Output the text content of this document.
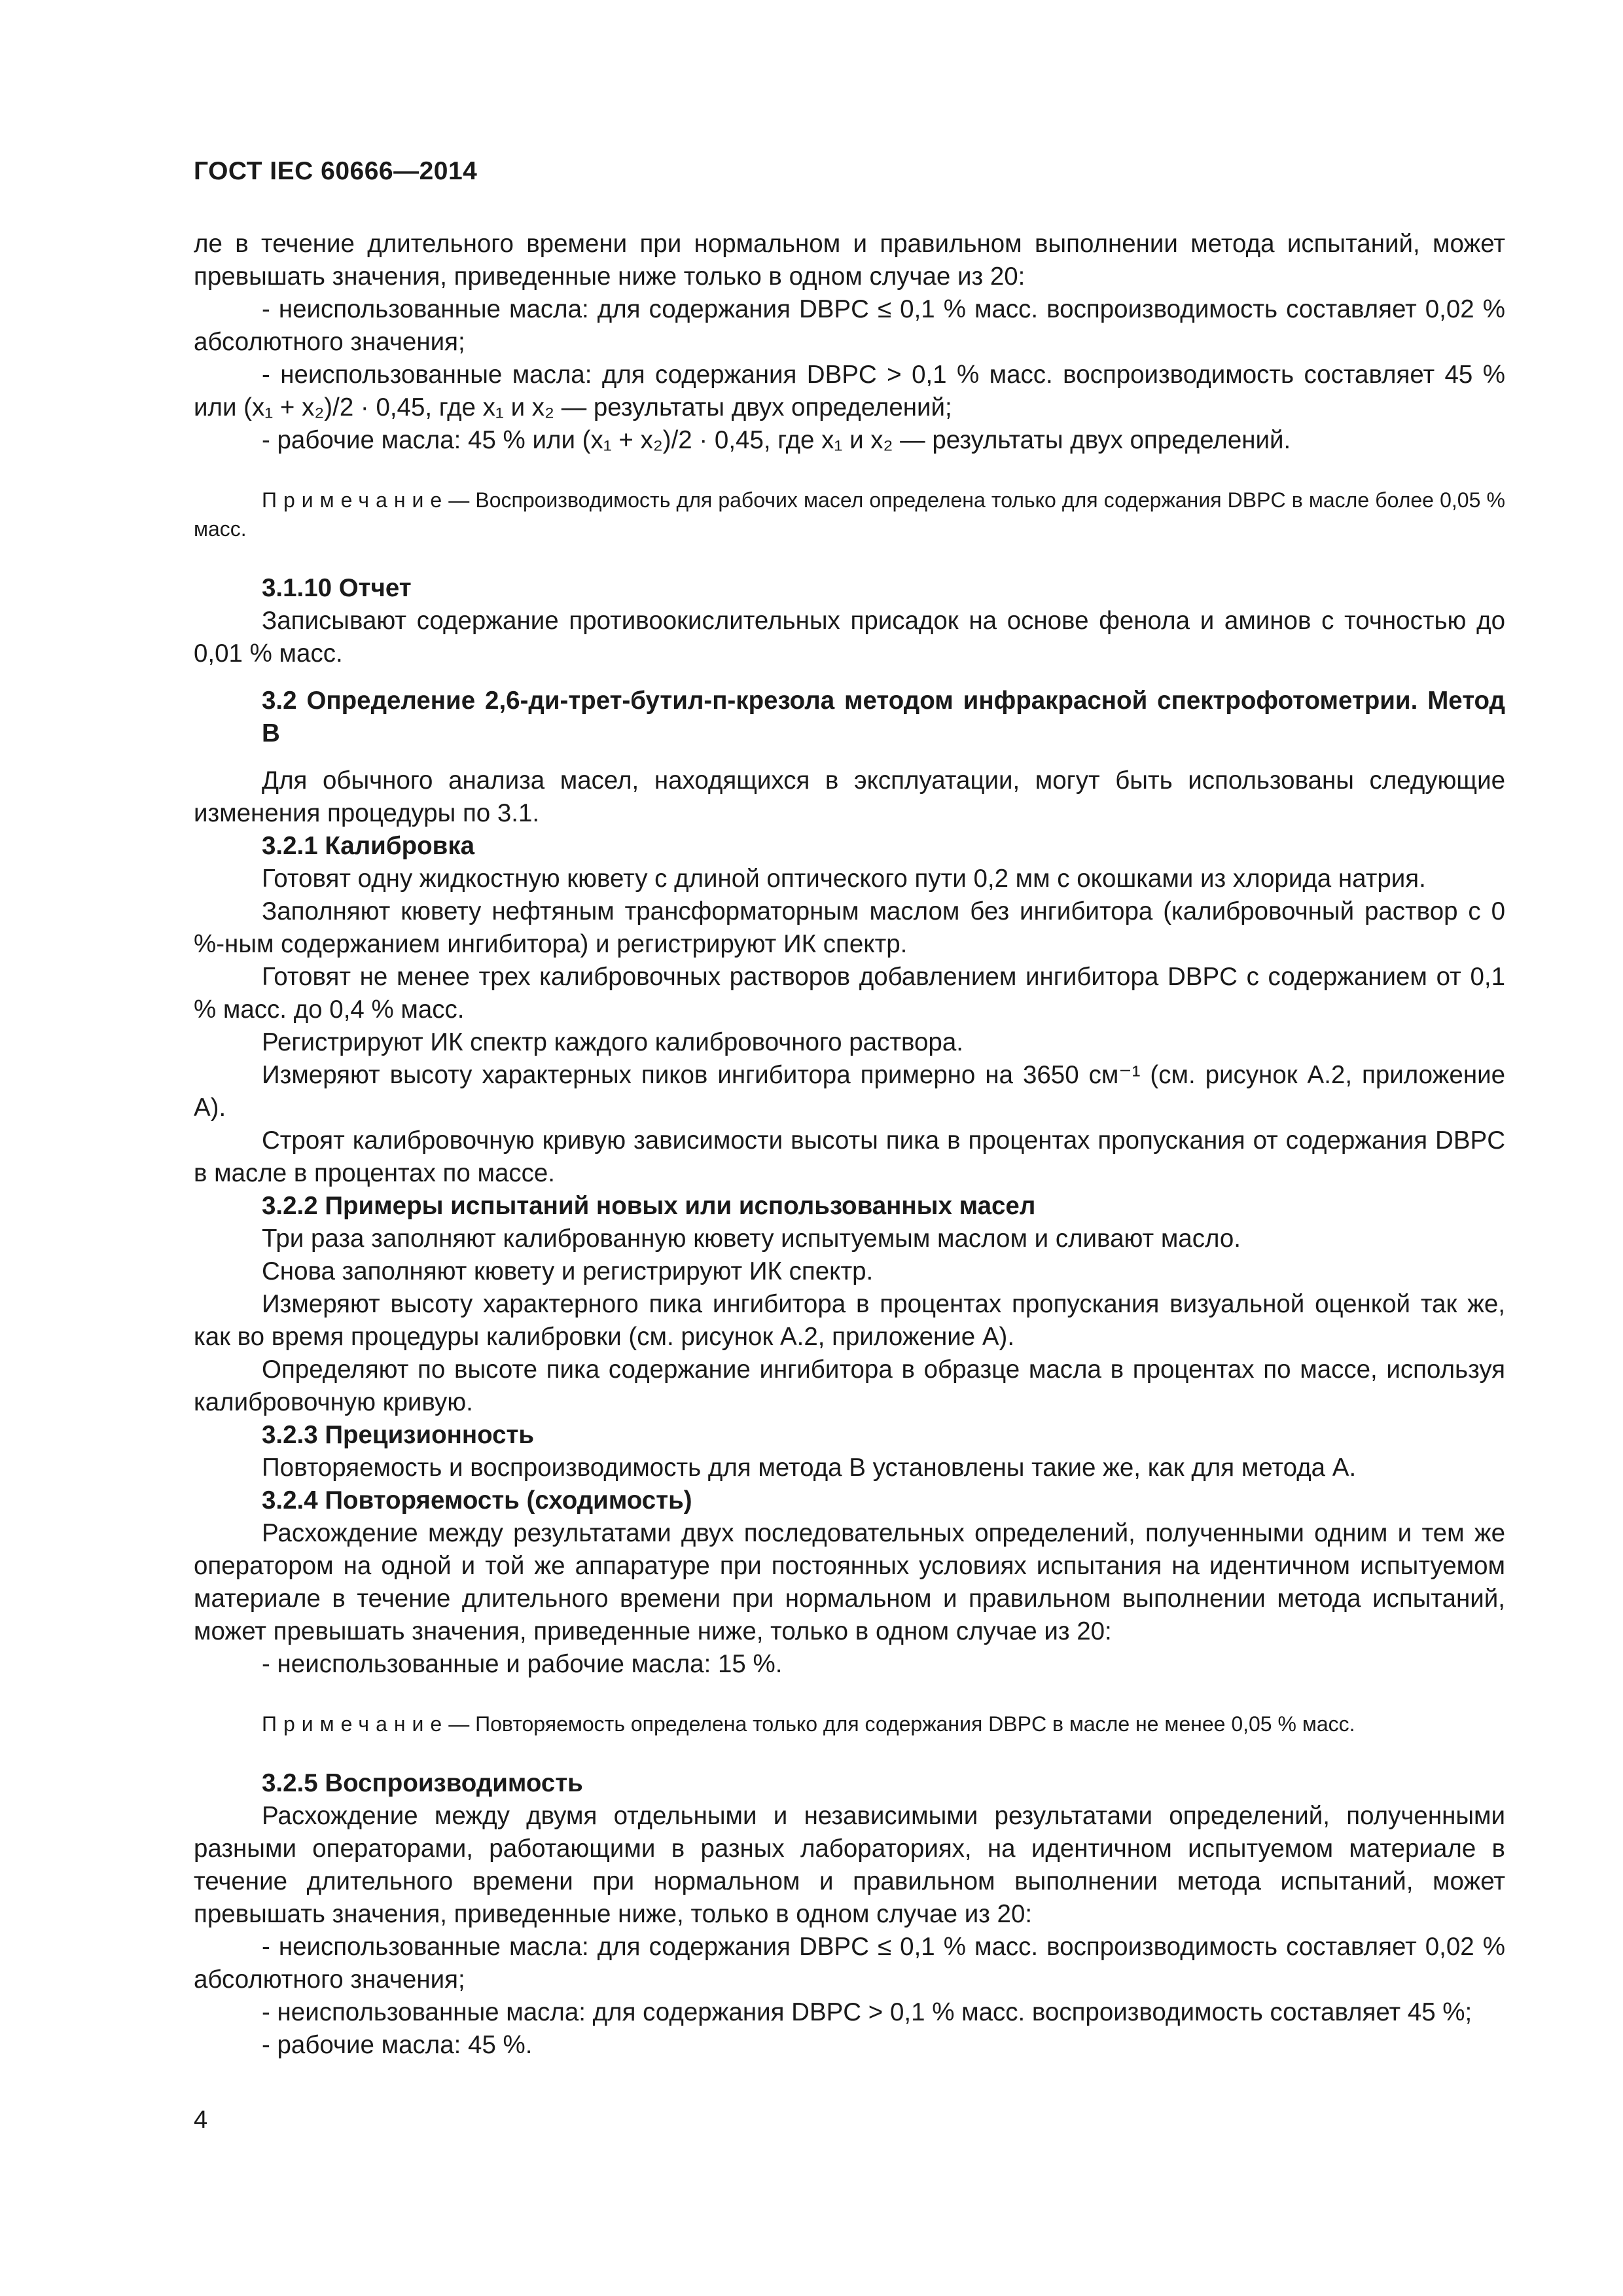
ГОСТ IEC 60666—2014

ле в течение длительного времени при нормальном и правильном выполнении метода испытаний, может превышать значения, приведенные ниже только в одном случае из 20:

- неиспользованные масла: для содержания DBPC ≤ 0,1 % масс. воспроизводимость составляет 0,02 % абсолютного значения;

- неиспользованные масла: для содержания DBPC > 0,1 % масс. воспроизводимость составляет 45 % или (x₁ + x₂)/2 · 0,45, где x₁ и x₂ — результаты двух определений;

- рабочие масла: 45 % или (x₁ + x₂)/2 · 0,45, где x₁ и x₂ — результаты двух определений.

Примечание— Воспроизводимость для рабочих масел определена только для содержания DBPC в масле более 0,05 % масс.

3.1.10 Отчет

Записывают содержание противоокислительных присадок на основе фенола и аминов с точностью до 0,01 % масс.

3.2 Определение 2,6-ди-трет-бутил-п-крезола методом инфракрасной спектрофотометрии. Метод В

Для обычного анализа масел, находящихся в эксплуатации, могут быть использованы следующие изменения процедуры по 3.1.

3.2.1 Калибровка

Готовят одну жидкостную кювету с длиной оптического пути 0,2 мм с окошками из хлорида натрия.

Заполняют кювету нефтяным трансформаторным маслом без ингибитора (калибровочный раствор с 0 %-ным содержанием ингибитора) и регистрируют ИК спектр.

Готовят не менее трех калибровочных растворов добавлением ингибитора DBPC с содержанием от 0,1 % масс. до 0,4 % масс.

Регистрируют ИК спектр каждого калибровочного раствора.

Измеряют высоту характерных пиков ингибитора примерно на 3650 см⁻¹ (см. рисунок А.2, приложение А).

Строят калибровочную кривую зависимости высоты пика в процентах пропускания от содержания DBPC в масле в процентах по массе.

3.2.2 Примеры испытаний новых или использованных масел

Три раза заполняют калиброванную кювету испытуемым маслом и сливают масло.

Снова заполняют кювету и регистрируют ИК спектр.

Измеряют высоту характерного пика ингибитора в процентах пропускания визуальной оценкой так же, как во время процедуры калибровки (см. рисунок А.2, приложение А).

Определяют по высоте пика содержание ингибитора в образце масла в процентах по массе, используя калибровочную кривую.

3.2.3 Прецизионность

Повторяемость и воспроизводимость для метода В установлены такие же, как для метода А.

3.2.4 Повторяемость (сходимость)

Расхождение между результатами двух последовательных определений, полученными одним и тем же оператором на одной и той же аппаратуре при постоянных условиях испытания на идентичном испытуемом материале в течение длительного времени при нормальном и правильном выполнении метода испытаний, может превышать значения, приведенные ниже, только в одном случае из 20:

- неиспользованные и рабочие масла: 15 %.

Примечание— Повторяемость определена только для содержания DBPC в масле не менее 0,05 % масс.

3.2.5 Воспроизводимость

Расхождение между двумя отдельными и независимыми результатами определений, полученными разными операторами, работающими в разных лабораториях, на идентичном испытуемом материале в течение длительного времени при нормальном и правильном выполнении метода испытаний, может превышать значения, приведенные ниже, только в одном случае из 20:

- неиспользованные масла: для содержания DBPC ≤ 0,1 % масс. воспроизводимость составляет 0,02 % абсолютного значения;

- неиспользованные масла: для содержания DBPC > 0,1 % масс. воспроизводимость составляет 45 %;

- рабочие масла: 45 %.

4
